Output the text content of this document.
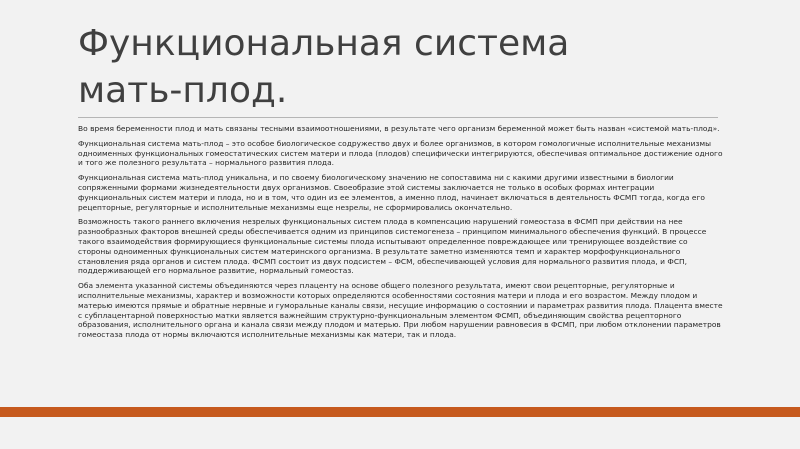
Функциональная система
мать-плод.

Во время беременности плод и мать связаны тесными взаимоотношениями, в результате чего организм беременной может быть назван «системой мать-плод».

Функциональная система мать-плод – это особое биологическое содружество двух и более организмов, в котором гомологичные исполнительные механизмы одноименных функциональных гомеостатических систем матери и плода (плодов) специфически интегрируются, обеспечивая оптимальное достижение одного и того же полезного результата – нормального развития плода.

Функциональная система мать-плод уникальна, и по своему биологическому значению не сопоставима ни с какими другими известными в биологии сопряженными формами жизнедеятельности двух организмов. Своеобразие этой системы заключается не только в особых формах интеграции функциональных систем матери и плода, но и в том, что один из ее элементов, а именно плод, начинает включаться в деятельность ФСМП тогда, когда его рецепторные, регуляторные и исполнительные механизмы еще незрелы, не сформировались окончательно.

Возможность такого раннего включения незрелых функциональных систем плода в компенсацию нарушений гомеостаза в ФСМП при действии на нее разнообразных факторов внешней среды обеспечивается одним из принципов системогенеза – принципом минимального обеспечения функций. В процессе такого взаимодействия формирующиеся функциональные системы плода испытывают определенное повреждающее или тренирующее воздействие со стороны одноименных функциональных систем материнского организма. В результате заметно изменяются темп и характер морфофункционального становления ряда органов и систем плода. ФСМП состоит из двух подсистем – ФСМ, обеспечивающей условия для нормального развития плода, и ФСП, поддерживающей его нормальное развитие, нормальный гомеостаз.

Оба элемента указанной системы объединяются через плаценту на основе общего полезного результата, имеют свои рецепторные, регуляторные и исполнительные механизмы, характер и возможности которых определяются особенностями состояния матери и плода и его возрастом. Между плодом и матерью имеются прямые и обратные нервные и гуморальные каналы связи, несущие информацию о состоянии и параметрах развития плода. Плацента вместе с субплацентарной поверхностью матки является важнейшим структурно-функциональным элементом ФСМП, объединяющим свойства рецепторного образования, исполнительного органа и канала связи между плодом и матерью. При любом нарушении равновесия в ФСМП, при любом отклонении параметров гомеостаза плода от нормы включаются исполнительные механизмы как матери, так и плода.
